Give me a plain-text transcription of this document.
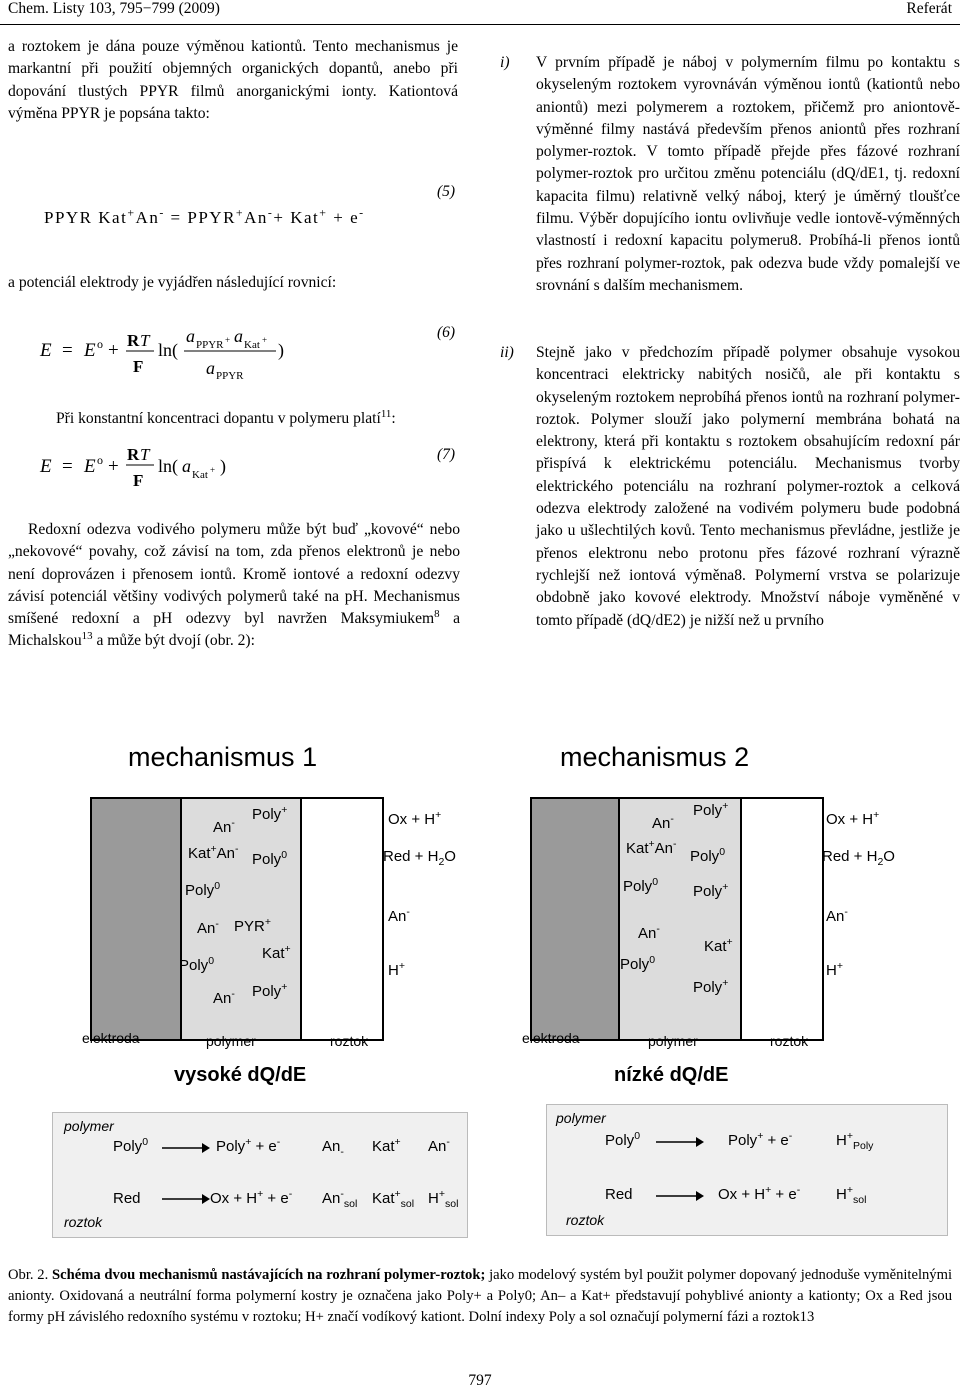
Chem. Listy 103, 795−799 (2009)	Referát

a roztokem je dána pouze výměnou kationtů. Tento mechanismus je markantní při použití objemných organických dopantů, anebo při dopování tlustých PPYR filmů anorganickými ionty. Kationtová výměna PPYR je popsána takto:

(5)
PPYR Kat+An- = PPYR+An-+ Kat+ + e-

a potenciál elektrody je vyjádřen následující rovnicí:

(6)
E = E o + R T
F
ln(
a PPYR + a Kat + )
a PPYR
Při konstantní koncentraci dopantu v polymeru platí$^{11}$:
(7)
E = E o +
R T
F
ln( a Kat + )
Redoxní odezva vodivého polymeru může být buď „kovové“ nebo „nekovové“ povahy, což závisí na tom, zda přenos elektronů je nebo není doprovázen i přenosem iontů. Kromě iontové a redoxní odezvy závisí potenciál většiny vodivých polymerů také na pH. Mechanismus smíšené redoxní a pH odezvy byl navržen Maksymiukem$^8$ a Michalskou$^{13}$ a může být dvojí (obr. 2):
i) V prvním případě je náboj v polymerním filmu po kontaktu s okyseleným roztokem vyrovnáván výměnou iontů (kationtů nebo aniontů) mezi polymerem a roztokem, přičemž pro aniontově-výměnné filmy nastává především přenos aniontů přes rozhraní polymer-roztok. V tomto případě přejde přes fázové rozhraní polymer-roztok pro určitou změnu potenciálu (dQ/dE1, tj. redoxní kapacita filmu) relativně velký náboj, který je úměrný tloušťce filmu. Výběr dopujícího iontu ovlivňuje vedle iontově-výměnných vlastností i redoxní kapacitu polymeru8. Probíhá-li přenos iontů přes rozhraní polymer-roztok, pak odezva bude vždy pomalejší ve srovnání s dalším mechanismem.
ii) Stejně jako v předchozím případě polymer obsahuje vysokou koncentraci elektricky nabitých nosičů, ale při kontaktu s okyseleným roztokem neprobíhá přenos iontů na rozhraní polymer-roztok. Polymer slouží jako polymerní membrána bohatá na elektrony, která při kontaktu s roztokem obsahujícím redoxní pár přispívá k elektrickému potenciálu. Mechanismus tvorby elektrického potenciálu na rozhraní polymer-roztok a celková odezva elektrody založené na vodivém polymeru bude podobná jako u ušlechtilých kovů. Tento mechanismus převládne, jestliže je přenos elektronu nebo protonu přes fázové rozhraní výrazně rychlejší než iontová výměna8. Polymerní vrstva se polarizuje obdobně jako kovové elektrody. Množství náboje vyměněné v tomto případě (dQ/dE2) je nižší než u prvního
mechanismus 1
Poly+
An-
Kat+An-
Poly$^0$
Poly$^0$
An- PYR+
Poly$^0$	Kat+
Poly+
An-
Ox + H+
Red + $H_2O$
An-
H+
elektroda	polymer	roztok
vysoké dQ/dE
mechanismus 2
Poly+
An-
Kat+An-
Poly$^0$
Poly$^0$
Poly+
An-
Kat+
Poly$^0$
Poly+
Ox + H+
Red + $H_2O$
An-
H+
elektroda	polymer	roztok
nízké dQ/dE
polymer
Poly$^0$	Poly+ + e-	$An_-$ Kat+ An-
Red	Ox + H+ + e- $An^-_{sol}$ Kat+$_{sol}$ $H^+_{sol}$
roztok
polymer
Poly$^0$	Poly+ + e-	$H^+_{Poly}$
Red	Ox + H+ + e- $H^+_{sol}$
roztok
Obr. 2. Schéma dvou mechanismů nastávajících na rozhraní polymer-roztok; jako modelový systém byl použit polymer dopovaný jednoduše vyměnitelnými anionty. Oxidovaná a neutrální forma polymerní kostry je označena jako Poly+ a Poly0; An– a Kat+ představují pohyblivé anionty a kationty; Ox a Red jsou formy pH závislého redoxního systému v roztoku; H+ značí vodíkový kationt. Dolní indexy Poly a sol označují polymerní fázi a roztok13
797
